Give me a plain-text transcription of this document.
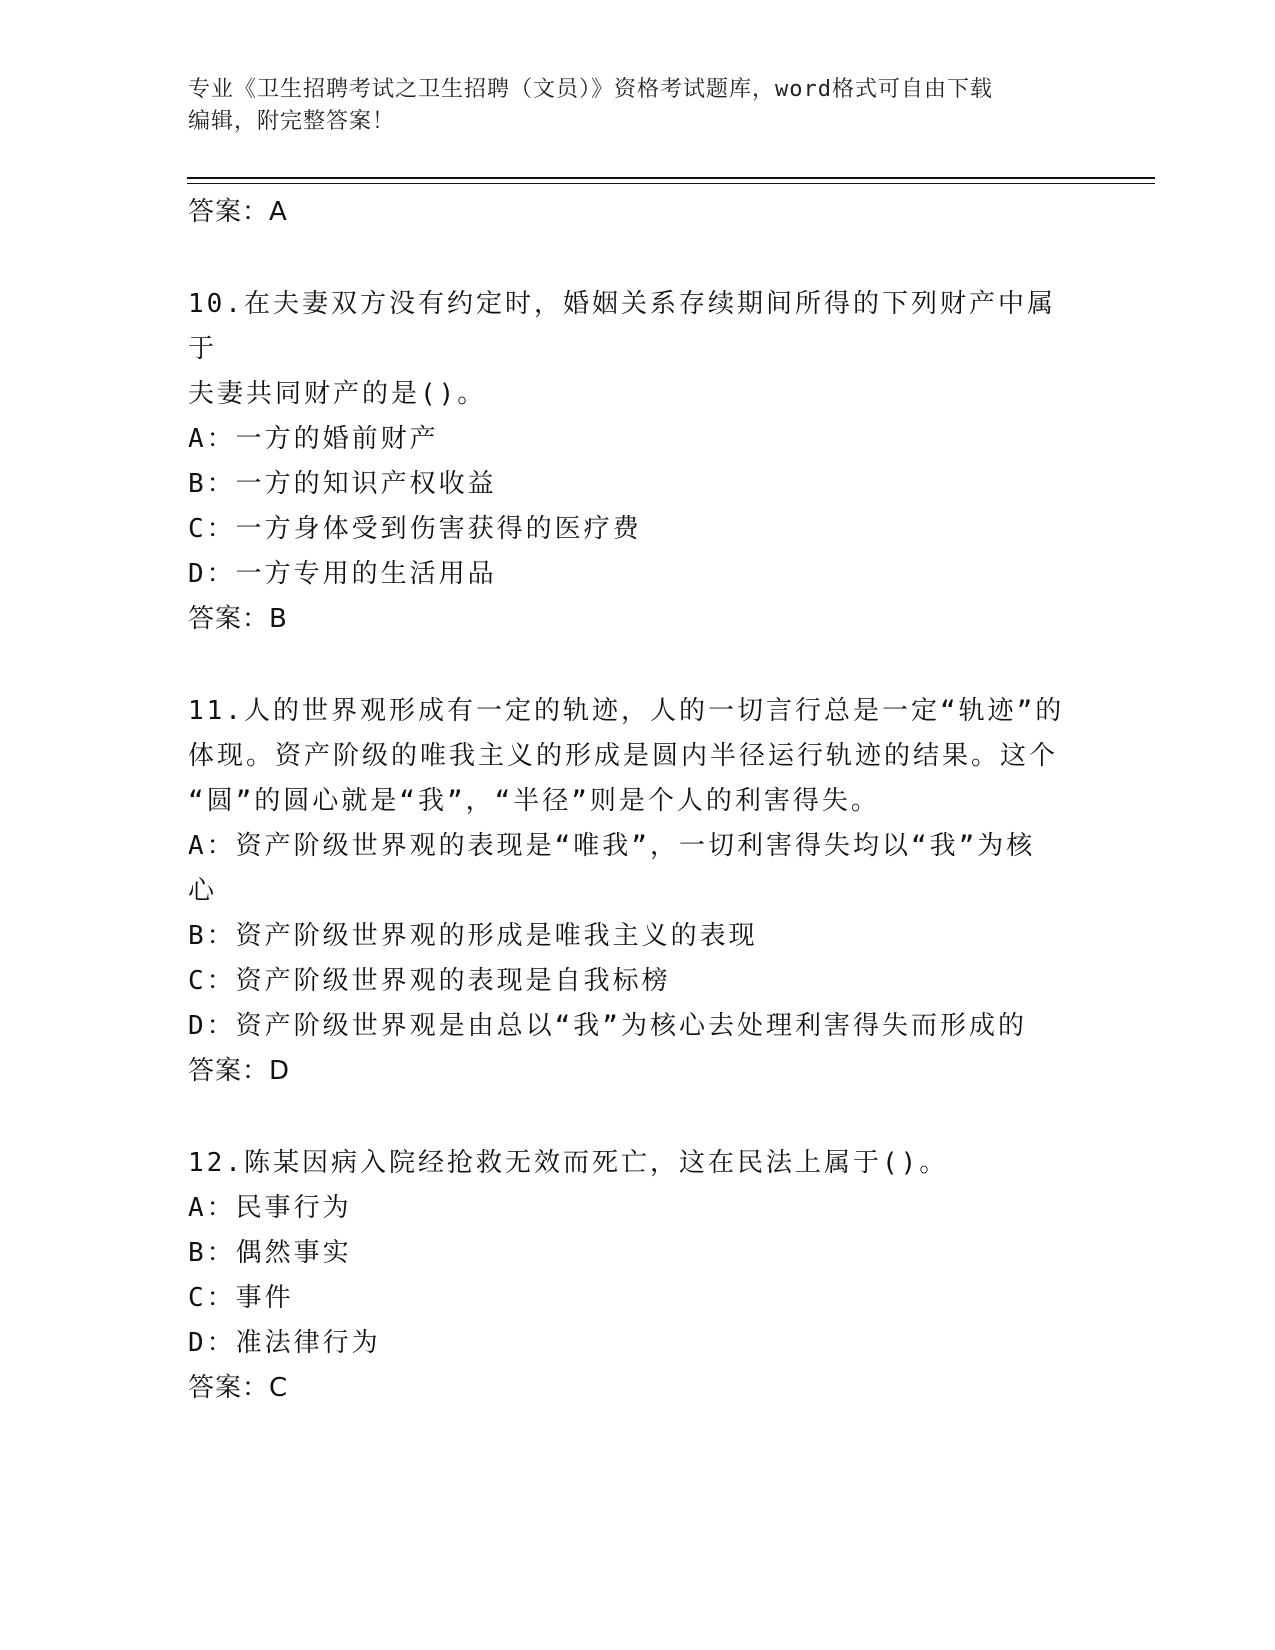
专业《卫生招聘考试之卫生招聘（文员）》资格考试题库，word格式可自由下载
编辑，附完整答案！
答案：A
10.在夫妻双方没有约定时，婚姻关系存续期间所得的下列财产中属于
夫妻共同财产的是()。
A：一方的婚前财产
B：一方的知识产权收益
C：一方身体受到伤害获得的医疗费
D：一方专用的生活用品
答案：B
11.人的世界观形成有一定的轨迹，人的一切言行总是一定“轨迹”的
体现。资产阶级的唯我主义的形成是圆内半径运行轨迹的结果。这个
“圆”的圆心就是“我”，“半径”则是个人的利害得失。
A：资产阶级世界观的表现是“唯我”，一切利害得失均以“我”为核
心
B：资产阶级世界观的形成是唯我主义的表现
C：资产阶级世界观的表现是自我标榜
D：资产阶级世界观是由总以“我”为核心去处理利害得失而形成的
答案：D
12.陈某因病入院经抢救无效而死亡，这在民法上属于()。
A：民事行为
B：偶然事实
C：事件
D：准法律行为
答案：C
